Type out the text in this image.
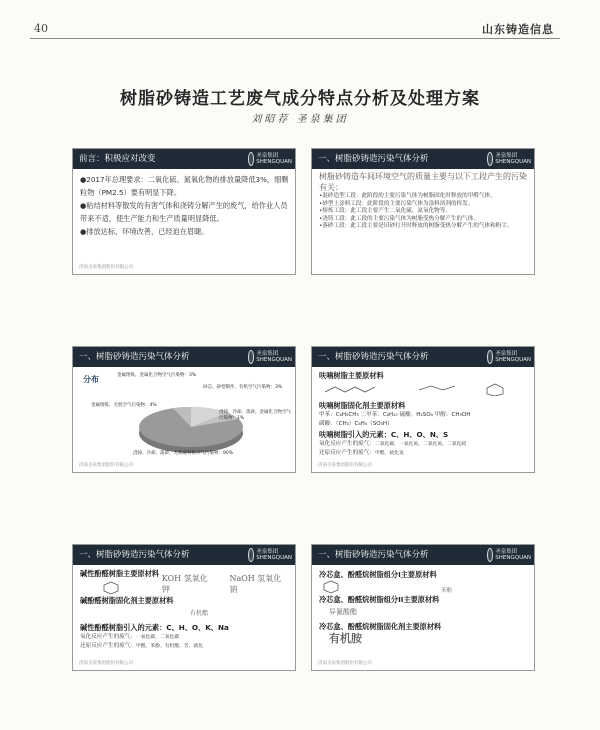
40	山东铸造信息
树脂砂铸造工艺废气成分特点分析及处理方案
刘昭荐 圣泉集团
前言：积极应对改变	圣泉集团
SHENGQUAN
●2017年总理要求：二氧化硫、氮氧化物的排放量降低3%，细颗粒物（PM2.5）要有明显下降。
●粘结材料等散发的有害气体和浇铸分解产生的废气，给作业人员带来不适，使生产能力和生产质量明显降低。
●排放达标，环境改善，已经迫在眉睫。
济南圣泉集团股份有限公司
一、树脂砂铸造污染气体分析	圣泉集团
SHENGQUAN
树脂砂铸造车间环境空气的质量主要与以下工段产生的污染有关：
•混砂造型工段：此阶段的主要污染气体为树脂固化时释放的甲醛气体。
•砂型上涂料工段：此阶段的主要污染气体为涂料溶剂的挥发。
•熔炼工段：此工段主要产生二氧化硫、氮氧化物等。
•浇铸工段：此工段的主要污染气体为树脂受热分解产生的气体。
•落砂工段：此工段主要是旧砂打开时释放的树脂受热分解产生的气体和粉尘。
一、树脂砂铸造污染气体分析	圣泉集团
SHENGQUAN
分布	金属熔炼，金属化合物空气污染物：3%
砂芯、砂型制作，有机空气污染物：3%
金属熔炼，无机空气污染物：4%
浇铸、冷却、落砂，金属化合物空气污染物：1%
浇铸、冷却、落砂，无机或有机空气污染物：90%
济南圣泉集团股份有限公司
一、树脂砂铸造污染气体分析	圣泉集团
SHENGQUAN
呋喃树脂主要原材料
呋喃树脂固化剂主要原材料
甲苯：C₆H₅CH₃ 二甲苯：C₈H₁₀ 硫酸：H₂SO₄ 甲醇：CH₃OH
磺酸：（CH₃）C₆H₄（SO₃H）
呋喃树脂引入的元素：C、H、O、N、S
氧化反应产生的废气：二氧化碳、一氧化氮、二氧化氮、二氧化硫
还原反应产生的废气：甲醛、硫化氢
济南圣泉集团股份有限公司
一、树脂砂铸造污染气体分析	圣泉集团
SHENGQUAN
碱性酚醛树脂主要原材料
KOH 氢氧化钾
NaOH 氢氧化钠
碱酚醛树脂固化剂主要原材料
有机酯
碱性酚醛树脂引入的元素：C、H、O、K、Na
氧化反应产生的废气：一氧化碳、二氧化碳
还原反应产生的废气：甲醛、苯酚、有机酯、芳、硫化
济南圣泉集团股份有限公司
一、树脂砂铸造污染气体分析	圣泉集团
SHENGQUAN
冷芯盒、酚醛烷树脂组分I主要原材料
苯酚
冷芯盒、酚醛烷树脂组分II主要原材料
异氰酸酯
冷芯盒、酚醛烷树脂固化剂主要原材料
有机胺
济南圣泉集团股份有限公司
